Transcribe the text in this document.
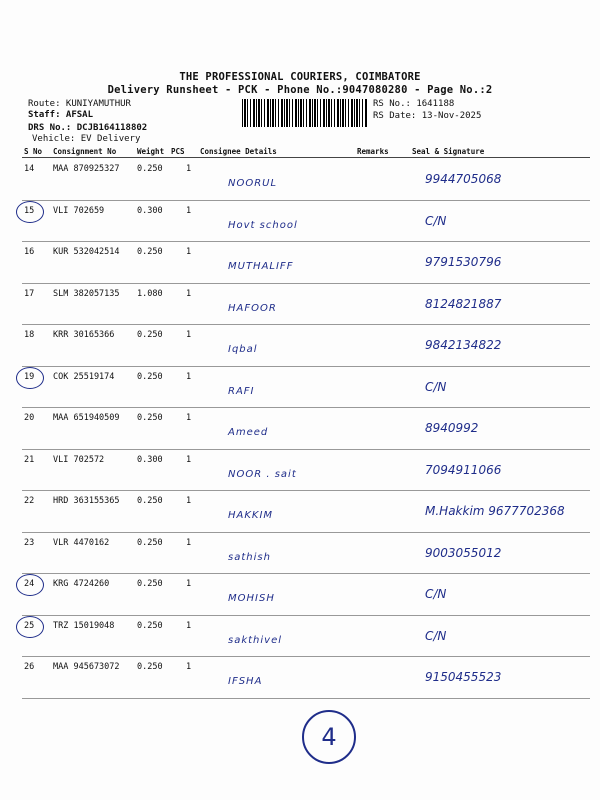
THE PROFESSIONAL COURIERS, COIMBATORE
Delivery Runsheet - PCK - Phone No.:9047080280 - Page No.:2
Route: KUNIYAMUTHUR
Staff: AFSAL
DRS No.: DCJB164118802
Vehicle: EV Delivery
RS No.: 1641188
RS Date: 13-Nov-2025
S No Consignment No	Weight PCS Consignee Details	Remarks	Seal & Signature
14 MAA 870925327 0.250	1
NOORUL	9944705068
15 VLI 702659	0.300	1
Hovt school	C/N
16 KUR 532042514 0.250	1
MUTHALIFF	9791530796
17 SLM 382057135 1.080	1
HAFOOR	8124821887
18 KRR 30165366	0.250	1
Iqbal	9842134822
19 COK 25519174	0.250	1
RAFI	C/N
20 MAA 651940509 0.250	1
Ameed	8940992
21 VLI 702572	0.300	1
NOOR . sait	7094911066
22 HRD 363155365 0.250	1
HAKKIM	M.Hakkim 9677702368
23 VLR 4470162	0.250	1
sathish	9003055012
24 KRG 4724260	0.250	1
MOHISH	C/N
25 TRZ 15019048	0.250	1
sakthivel	C/N
26 MAA 945673072 0.250	1
IFSHA	9150455523
4
